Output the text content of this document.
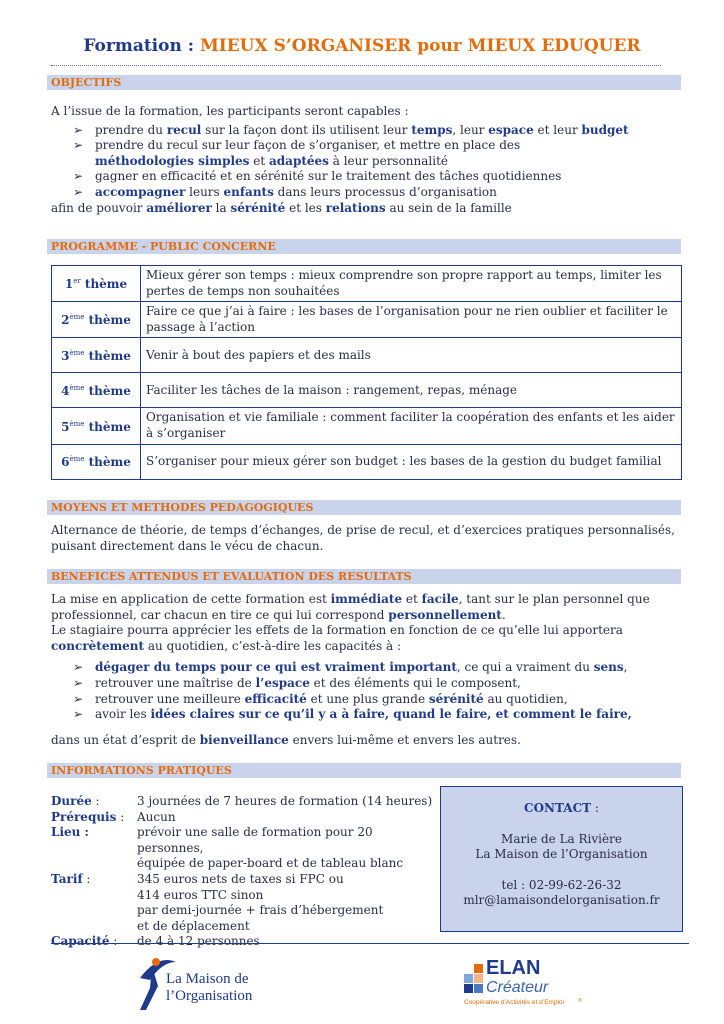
Formation : MIEUX S’ORGANISER pour MIEUX EDUQUER
OBJECTIFS
A l’issue de la formation, les participants seront capables :
➢ prendre du recul sur la façon dont ils utilisent leur temps, leur espace et leur budget
➢ prendre du recul sur leur façon de s’organiser, et mettre en place des
méthodologies simples et adaptées à leur personnalité
➢ gagner en efficacité et en sérénité sur le traitement des tâches quotidiennes
➢ accompagner leurs enfants dans leurs processus d’organisation
afin de pouvoir améliorer la sérénité et les relations au sein de la famille
PROGRAMME - PUBLIC CONCERNE
1er thème	Mieux gérer son temps : mieux comprendre son propre rapport au temps, limiter les pertes de temps non souhaitées
2ème thème	Faire ce que j’ai à faire : les bases de l’organisation pour ne rien oublier et faciliter le passage à l’action
3ème thème	Venir à bout des papiers et des mails
4ème thème	Faciliter les tâches de la maison : rangement, repas, ménage
5ème thème	Organisation et vie familiale : comment faciliter la coopération des enfants et les aider à s’organiser
6ème thème	S’organiser pour mieux gérer son budget : les bases de la gestion du budget familial
MOYENS ET METHODES PEDAGOGIQUES
Alternance de théorie, de temps d’échanges, de prise de recul, et d’exercices pratiques personnalisés, puisant directement dans le vécu de chacun.
BENEFICES ATTENDUS ET EVALUATION DES RESULTATS
La mise en application de cette formation est immédiate et facile, tant sur le plan personnel que professionnel, car chacun en tire ce qui lui correspond personnellement.
Le stagiaire pourra apprécier les effets de la formation en fonction de ce qu’elle lui apportera concrètement au quotidien, c’est-à-dire les capacités à :
➢ dégager du temps pour ce qui est vraiment important, ce qui a vraiment du sens,
➢ retrouver une maîtrise de l’espace et des éléments qui le composent,
➢ retrouver une meilleure efficacité et une plus grande sérénité au quotidien,
➢ avoir les idées claires sur ce qu’il y a à faire, quand le faire, et comment le faire,
dans un état d’esprit de bienveillance envers lui-même et envers les autres.
INFORMATIONS PRATIQUES
Durée :	3 journées de 7 heures de formation (14 heures)
Prérequis :	Aucun
Lieu :	prévoir une salle de formation pour 20 personnes,
équipée de paper-board et de tableau blanc
Tarif :	345 euros nets de taxes si FPC ou
414 euros TTC sinon
par demi-journée + frais d’hébergement
et de déplacement
Capacité :	de 4 à 12 personnes
CONTACT :
Marie de La Rivière
La Maison de l’Organisation
tel : 02-99-62-26-32
mlr@lamaisondelorganisation.fr
La Maison de
l’Organisation
ELAN
Créateur
Coopérative d’Activités et d’Emploi	®
